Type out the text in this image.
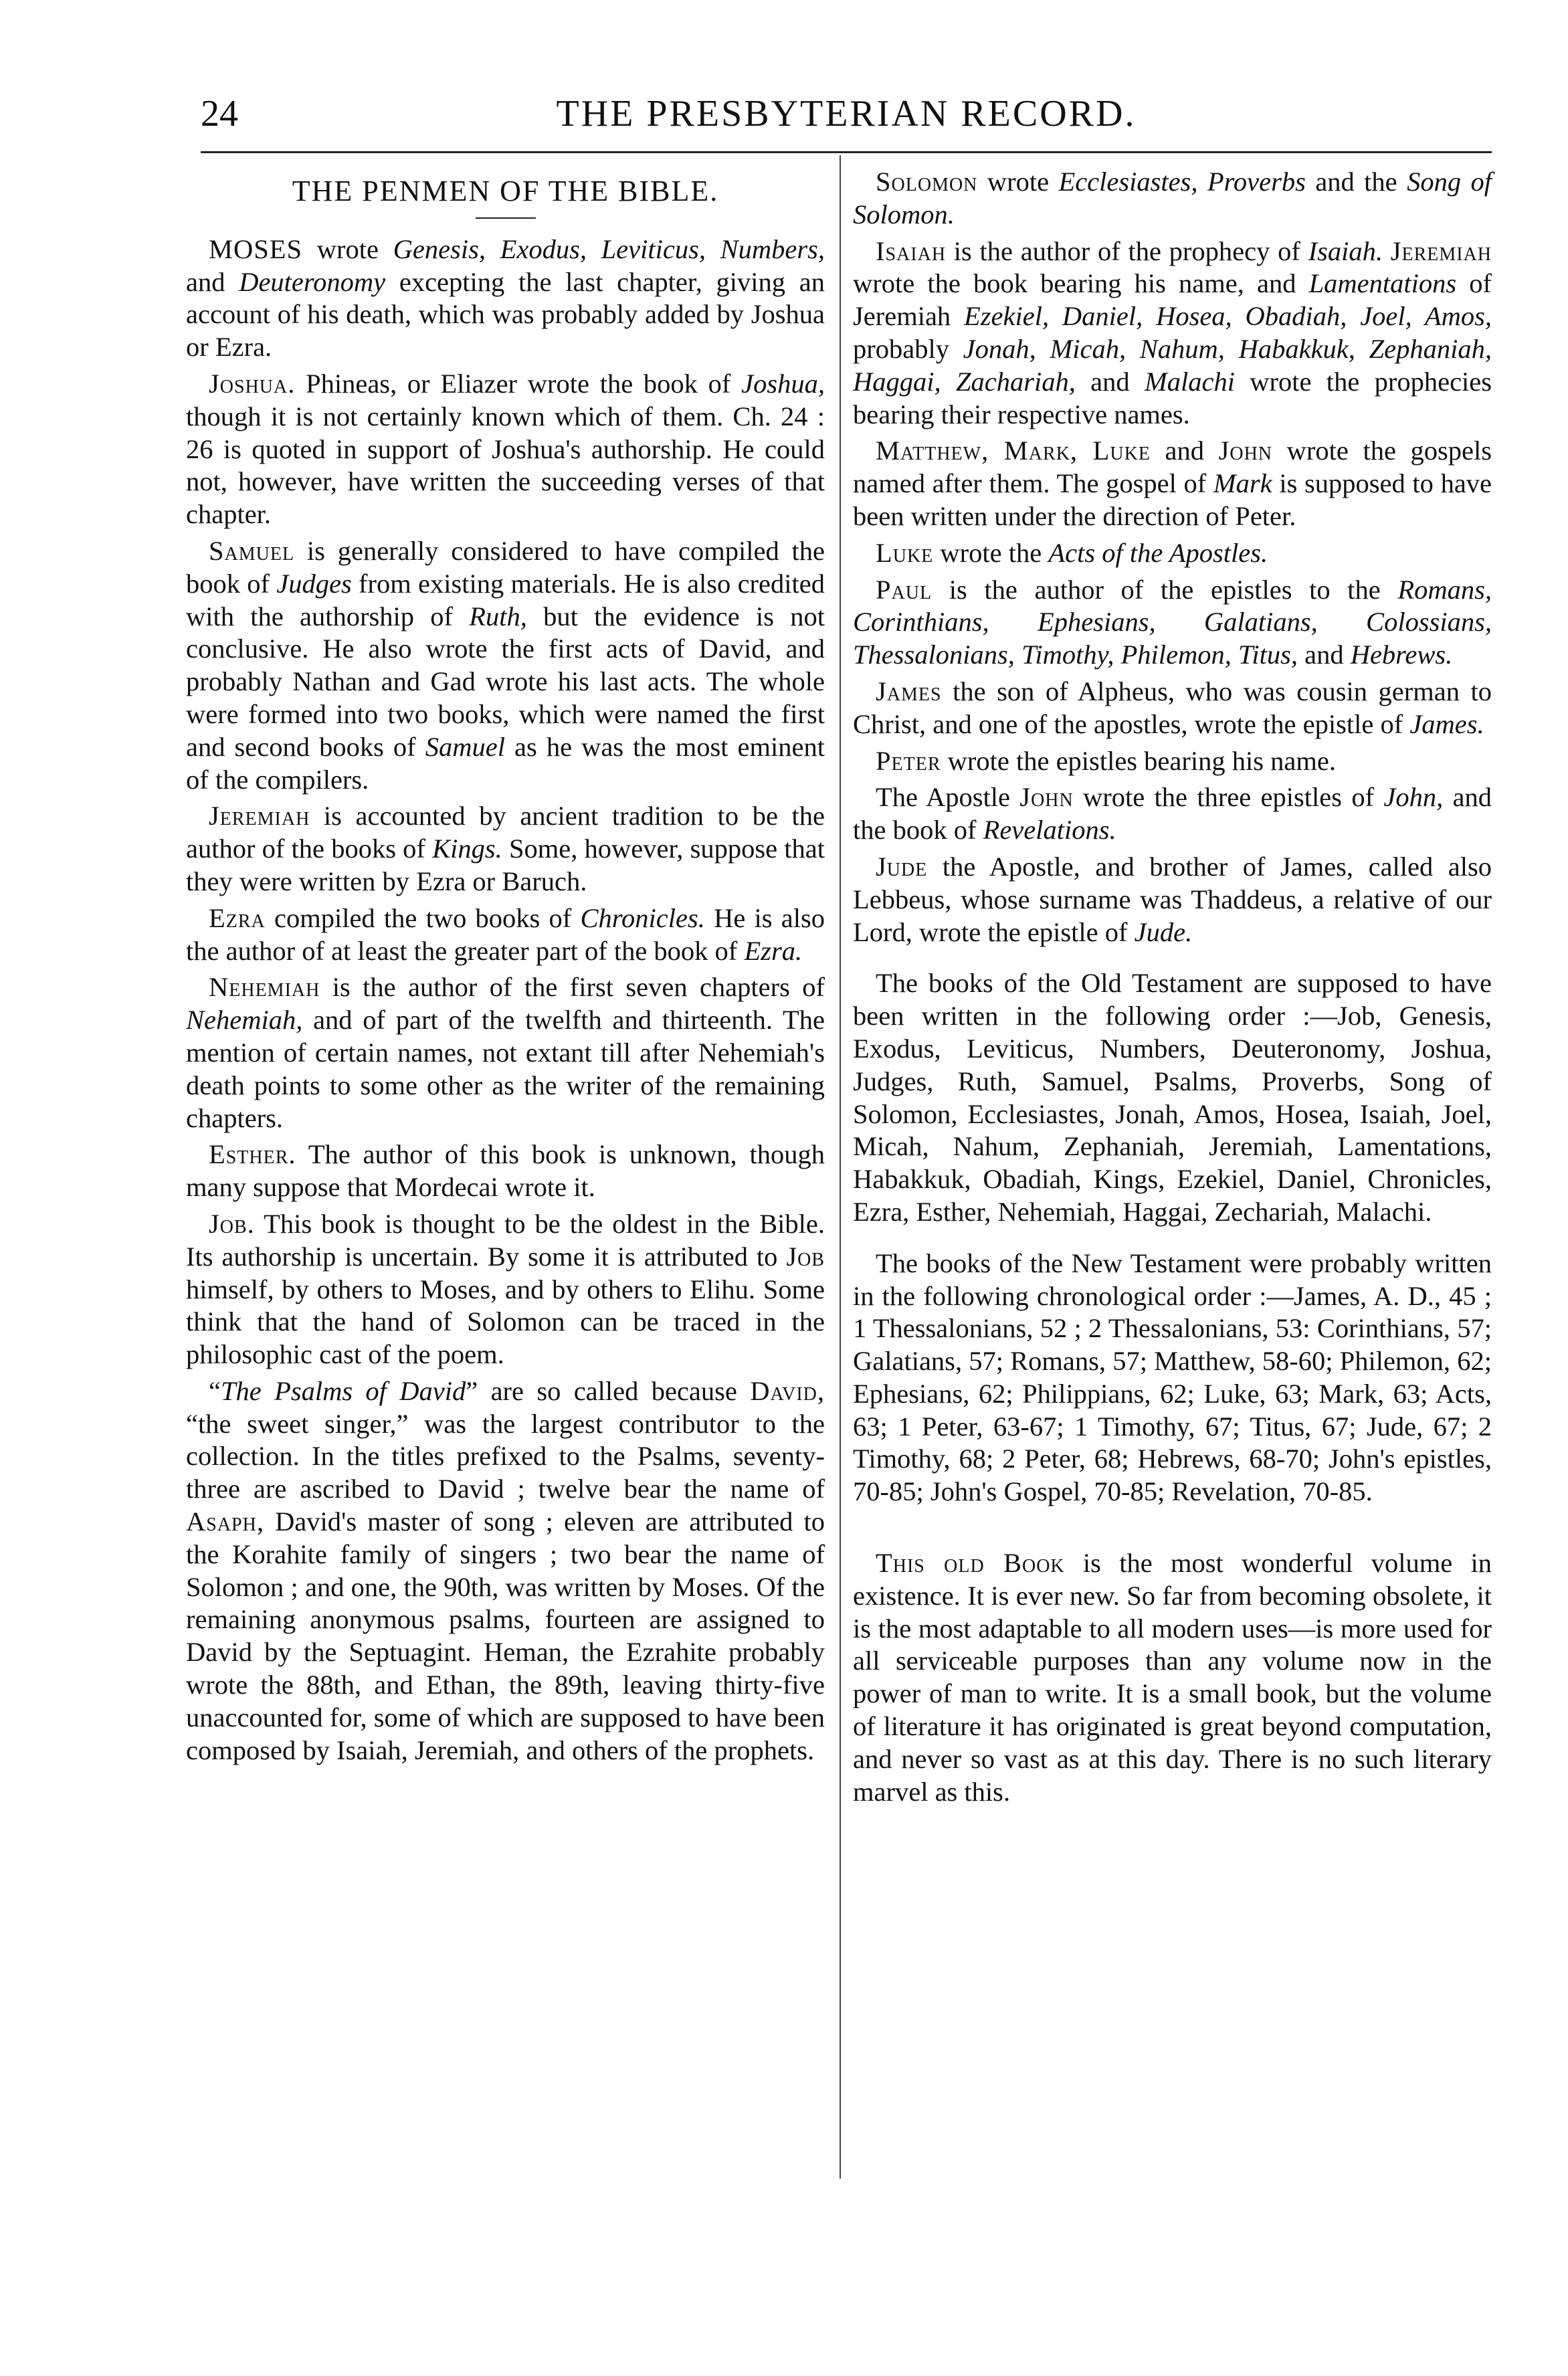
24	THE PRESBYTERIAN RECORD.
THE PENMEN OF THE BIBLE.

MOSES wrote Genesis, Exodus, Leviticus, Numbers, and Deuteronomy excepting the last chapter, giving an account of his death, which was probably added by Joshua or Ezra.

Joshua. Phineas, or Eliazer wrote the book of Joshua, though it is not certainly known which of them. Ch. 24 : 26 is quoted in support of Joshua's authorship. He could not, however, have written the succeeding verses of that chapter.

Samuel is generally considered to have compiled the book of Judges from existing materials. He is also credited with the authorship of Ruth, but the evidence is not conclusive. He also wrote the first acts of David, and probably Nathan and Gad wrote his last acts. The whole were formed into two books, which were named the first and second books of Samuel as he was the most eminent of the compilers.

Jeremiah is accounted by ancient tradition to be the author of the books of Kings. Some, however, suppose that they were written by Ezra or Baruch.

Ezra compiled the two books of Chronicles. He is also the author of at least the greater part of the book of Ezra.

Nehemiah is the author of the first seven chapters of Nehemiah, and of part of the twelfth and thirteenth. The mention of certain names, not extant till after Nehemiah's death points to some other as the writer of the remaining chapters.

Esther. The author of this book is unknown, though many suppose that Mordecai wrote it.

Job. This book is thought to be the oldest in the Bible. Its authorship is uncertain. By some it is attributed to Job himself, by others to Moses, and by others to Elihu. Some think that the hand of Solomon can be traced in the philosophic cast of the poem.

“The Psalms of David” are so called because David, “the sweet singer,” was the largest contributor to the collection. In the titles prefixed to the Psalms, seventy-three are ascribed to David ; twelve bear the name of Asaph, David's master of song ; eleven are attributed to the Korahite family of singers ; two bear the name of Solomon ; and one, the 90th, was written by Moses. Of the remaining anonymous psalms, fourteen are assigned to David by the Septuagint. Heman, the Ezrahite probably wrote the 88th, and Ethan, the 89th, leaving thirty-five unaccounted for, some of which are supposed to have been composed by Isaiah, Jeremiah, and others of the prophets.

Solomon wrote Ecclesiastes, Proverbs and the Song of Solomon.

Isaiah is the author of the prophecy of Isaiah. Jeremiah wrote the book bearing his name, and Lamentations of Jeremiah Ezekiel, Daniel, Hosea, Obadiah, Joel, Amos, probably Jonah, Micah, Nahum, Habakkuk, Zephaniah, Haggai, Zachariah, and Malachi wrote the prophecies bearing their respective names.

Matthew, Mark, Luke and John wrote the gospels named after them. The gospel of Mark is supposed to have been written under the direction of Peter.

Luke wrote the Acts of the Apostles.

Paul is the author of the epistles to the Romans, Corinthians, Ephesians, Galatians, Colossians, Thessalonians, Timothy, Philemon, Titus, and Hebrews.

James the son of Alpheus, who was cousin german to Christ, and one of the apostles, wrote the epistle of James.

Peter wrote the epistles bearing his name.

The Apostle John wrote the three epistles of John, and the book of Revelations.

Jude the Apostle, and brother of James, called also Lebbeus, whose surname was Thaddeus, a relative of our Lord, wrote the epistle of Jude.

The books of the Old Testament are supposed to have been written in the following order :—Job, Genesis, Exodus, Leviticus, Numbers, Deuteronomy, Joshua, Judges, Ruth, Samuel, Psalms, Proverbs, Song of Solomon, Ecclesiastes, Jonah, Amos, Hosea, Isaiah, Joel, Micah, Nahum, Zephaniah, Jeremiah, Lamentations, Habakkuk, Obadiah, Kings, Ezekiel, Daniel, Chronicles, Ezra, Esther, Nehemiah, Haggai, Zechariah, Malachi.

The books of the New Testament were probably written in the following chronological order :—James, A. D., 45 ; 1 Thessalonians, 52 ; 2 Thessalonians, 53: Corinthians, 57; Galatians, 57; Romans, 57; Matthew, 58-60; Philemon, 62; Ephesians, 62; Philippians, 62; Luke, 63; Mark, 63; Acts, 63; 1 Peter, 63-67; 1 Timothy, 67; Titus, 67; Jude, 67; 2 Timothy, 68; 2 Peter, 68; Hebrews, 68-70; John's epistles, 70-85; John's Gospel, 70-85; Revelation, 70-85.

This old Book is the most wonderful volume in existence. It is ever new. So far from becoming obsolete, it is the most adaptable to all modern uses—is more used for all serviceable purposes than any volume now in the power of man to write. It is a small book, but the volume of literature it has originated is great beyond computation, and never so vast as at this day. There is no such literary marvel as this.
